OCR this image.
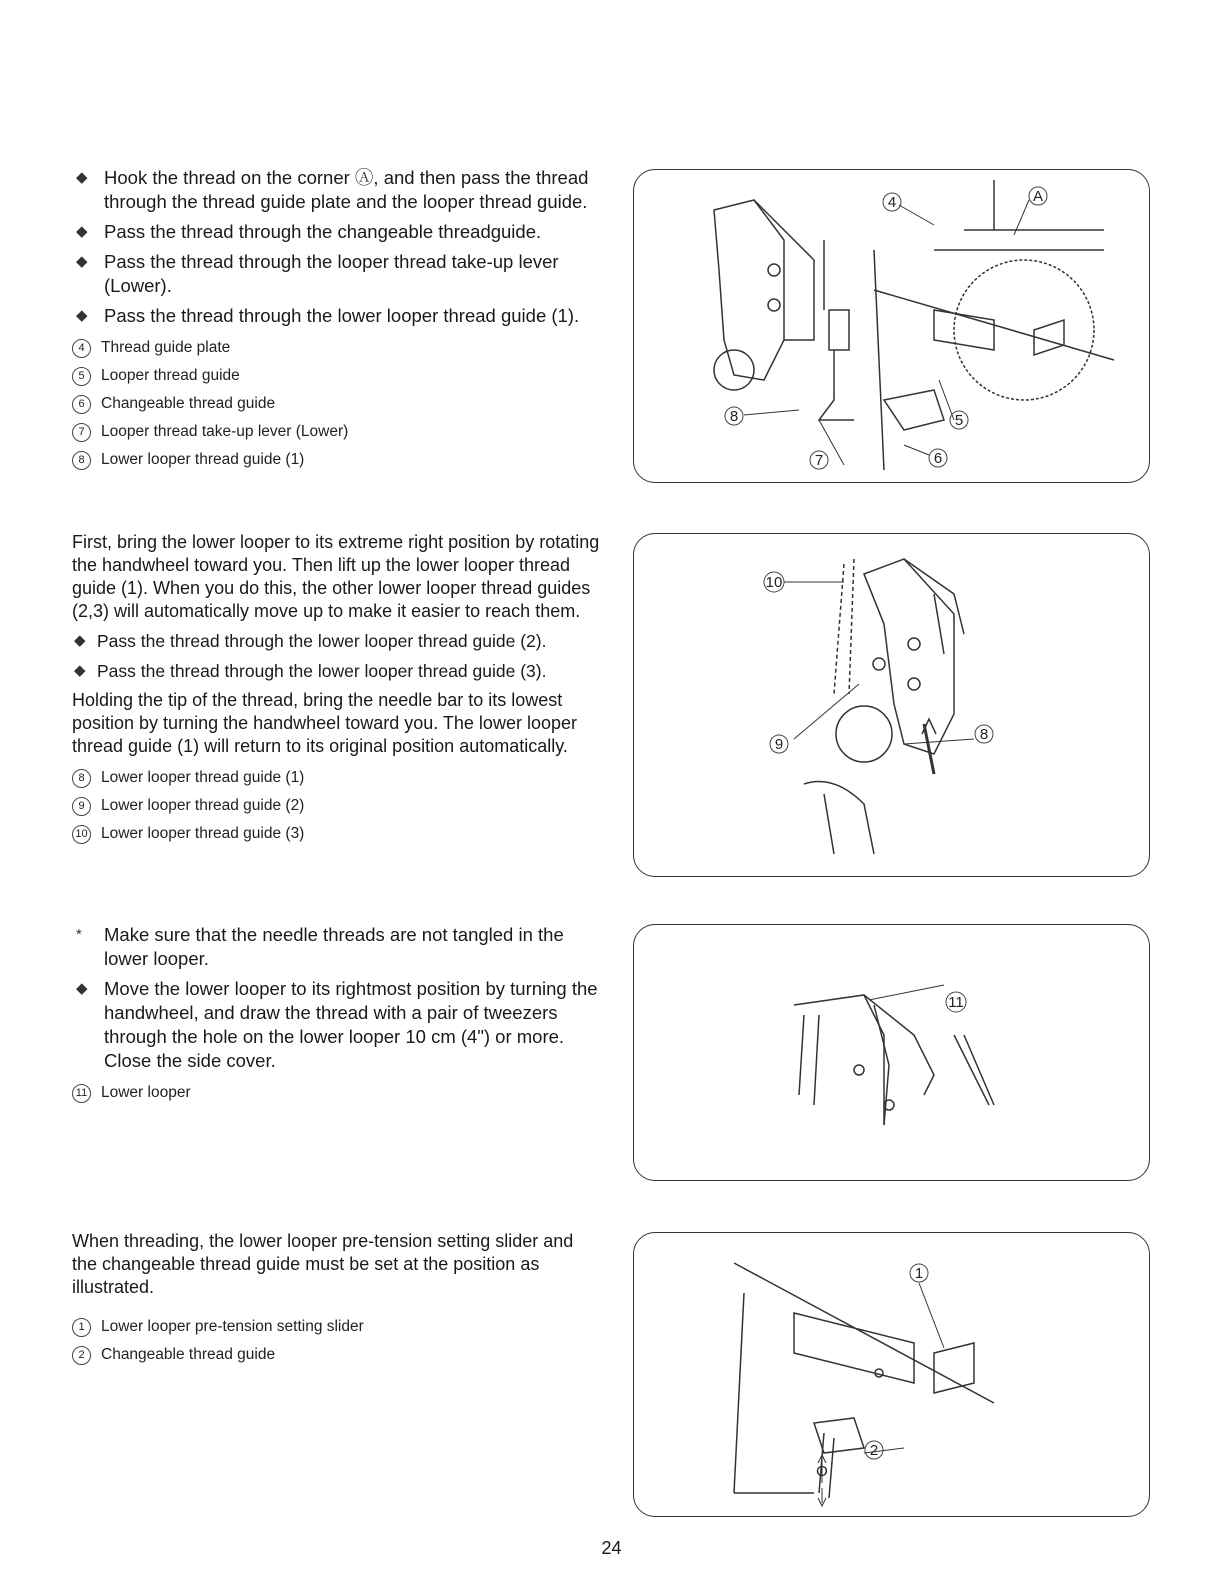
◆ Hook the thread on the corner Ⓐ, and then pass the thread through the thread guide plate and the looper thread guide.
◆ Pass the thread through the changeable threadguide.
◆ Pass the thread through the looper thread take-up lever (Lower).
◆ Pass the thread through the lower looper thread guide (1).
4	Thread guide plate
5	Looper thread guide
6	Changeable thread guide
7	Looper thread take-up lever (Lower)
8	Lower looper thread guide (1)

First, bring the lower looper to its extreme right position by rotating the handwheel toward you. Then lift up the lower looper thread guide (1). When you do this, the other lower looper thread guides (2,3) will automatically move up to make it easier to reach them.

◆ Pass the thread through the lower looper thread guide (2).
◆ Pass the thread through the lower looper thread guide (3).

Holding the tip of the thread, bring the needle bar to its lowest position by turning the handwheel toward you. The lower looper thread guide (1) will return to its original position automatically.

8	Lower looper thread guide (1)
9	Lower looper thread guide (2)
10 Lower looper thread guide (3)
* Make sure that the needle threads are not tangled in the lower looper.
◆ Move the lower looper to its rightmost position by turning the handwheel, and draw the thread with a pair of tweezers through the hole on the lower looper 10 cm (4") or more.
Close the side cover.
11 Lower looper

When threading, the lower looper pre-tension setting slider and the changeable thread guide must be set at the position as illustrated.

1	Lower looper pre-tension setting slider
2	Changeable thread guide
4	A
5
6
7
8
10
9
8
11
1
2
O
24
